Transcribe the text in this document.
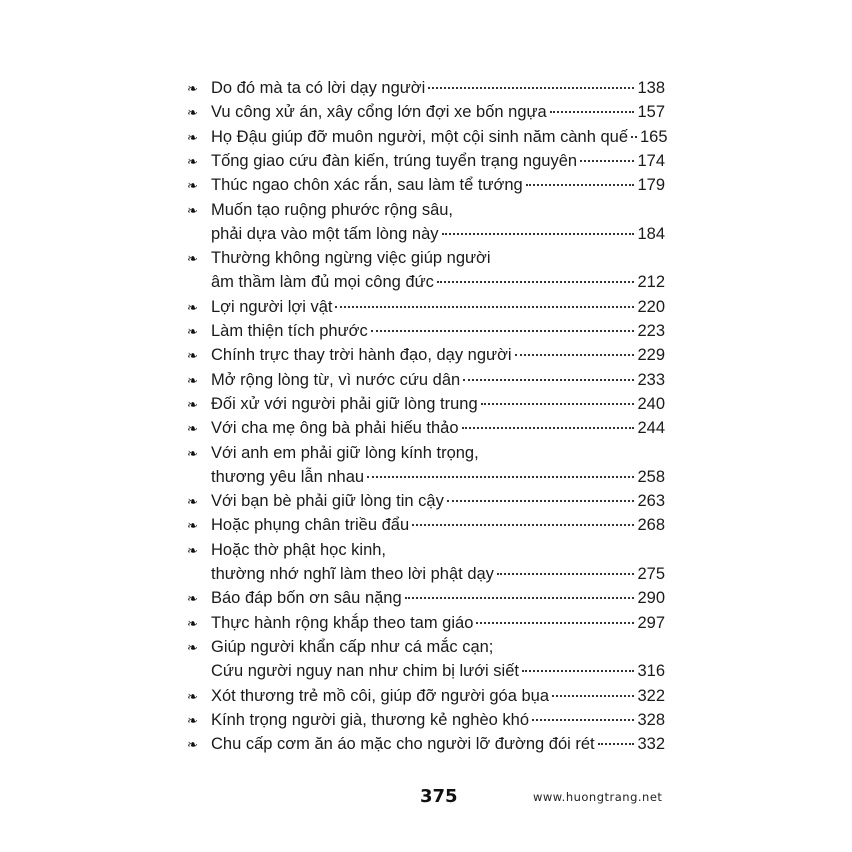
❧ Do đó mà ta có lời dạy người	138
❧ Vu công xử án, xây cổng lớn đợi xe bốn ngựa	157
❧ Họ Đậu giúp đỡ muôn người, một cội sinh năm cành quế 165
❧ Tống giao cứu đàn kiến, trúng tuyển trạng nguyên	174
❧ Thúc ngao chôn xác rắn, sau làm tể tướng	179
❧ Muốn tạo ruộng phước rộng sâu,
phải dựa vào một tấm lòng này	184
❧ Thường không ngừng việc giúp người
âm thầm làm đủ mọi công đức	212
❧ Lợi người lợi vật	220
❧ Làm thiện tích phước	223
❧ Chính trực thay trời hành đạo, dạy người	229
❧ Mở rộng lòng từ, vì nước cứu dân	233
❧ Đối xử với người phải giữ lòng trung	240
❧ Với cha mẹ ông bà phải hiếu thảo	244
❧ Với anh em phải giữ lòng kính trọng,
thương yêu lẫn nhau	258
❧ Với bạn bè phải giữ lòng tin cậy	263
❧ Hoặc phụng chân triều đẩu	268
❧ Hoặc thờ phật học kinh,
thường nhớ nghĩ làm theo lời phật dạy	275
❧ Báo đáp bốn ơn sâu nặng	290
❧ Thực hành rộng khắp theo tam giáo	297
❧ Giúp người khẩn cấp như cá mắc cạn;
Cứu người nguy nan như chim bị lưới siết	316
❧ Xót thương trẻ mồ côi, giúp đỡ người góa bụa	322
❧ Kính trọng người già, thương kẻ nghèo khó	328
❧ Chu cấp cơm ăn áo mặc cho người lỡ đường đói rét	332
375	www.huongtrang.net
